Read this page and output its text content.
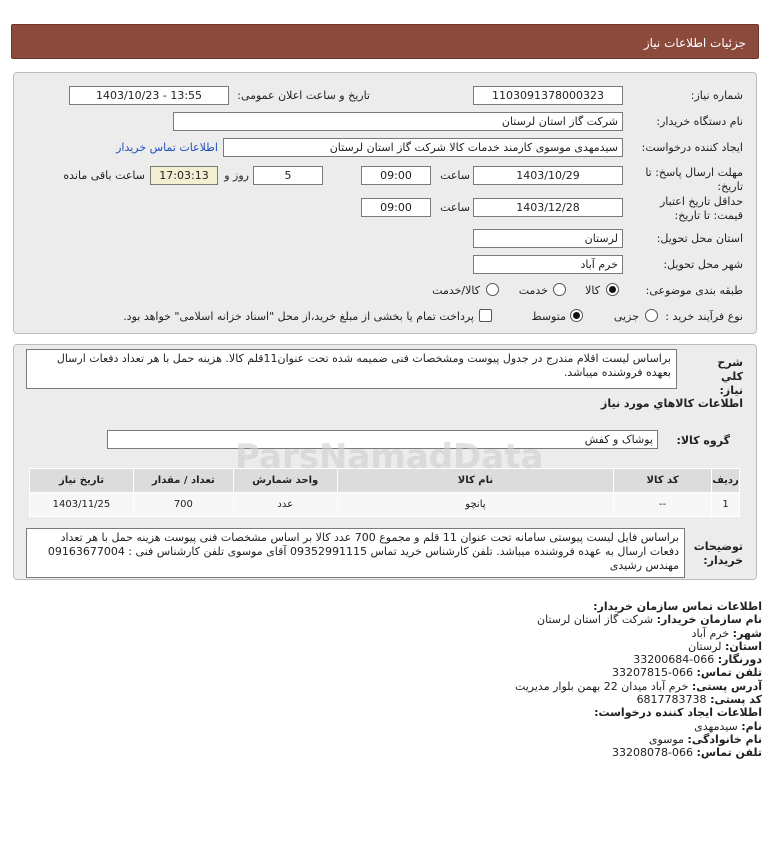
جزئیات اطلاعات نیاز
شماره نیاز:
1103091378000323
تاریخ و ساعت اعلان عمومی:
1403/10/23 - 13:55
نام دستگاه خریدار:
شرکت گاز استان لرستان
ایجاد کننده درخواست:
سیدمهدی موسوی کارمند خدمات کالا شرکت گاز استان لرستان
اطلاعات تماس خریدار
مهلت ارسال پاسخ: تا تاریخ:
1403/10/29
ساعت
09:00
5
روز و
17:03:13
ساعت باقی مانده
حداقل تاریخ اعتبار قیمت: تا تاریخ:
1403/12/28
ساعت
09:00
استان محل تحویل:
لرستان
شهر محل تحویل:
خرم آباد
طبقه بندی موضوعی:
کالا
خدمت
کالا/خدمت
نوع فرآیند خرید :
جزیی
متوسط
پرداخت تمام یا بخشی از مبلغ خرید،از محل "اسناد خزانه اسلامی" خواهد بود.
شرح کلي نياز:
براساس لیست اقلام مندرج در جدول پیوست ومشخصات فنی ضمیمه شده تحت عنوان11قلم کالا. هزینه حمل با هر تعداد دفعات ارسال بعهده فروشنده میباشد.
اطلاعات کالاهاي مورد نياز
گروه کالا:
پوشاک و کفش
ردیف	کد کالا	نام کالا	واحد شمارش	تعداد / مقدار	تاریخ نیاز
1	--	پانچو	عدد	700	1403/11/25
توضیحات خریدار:
براساس فایل لیست پیوستی سامانه تحت عنوان 11 قلم و مجموع 700 عدد کالا بر اساس مشخصات فنی پیوست هزینه حمل با هر تعداد دفعات ارسال به عهده فروشنده میباشد. تلفن کارشناس خرید تماس 09352991115 آقای موسوی تلفن کارشناس فنی : 09163677004 مهندس رشیدی
ParsNamadData
اطلاعات تماس سازمان خریدار:
نام سازمان خریدار: شرکت گاز استان لرستان
شهر: خرم آباد
استان: لرستان
دورنگار: 066-33200684
تلفن تماس: 066-33207815
آدرس پستی: خرم آباد میدان 22 بهمن بلوار مدیریت
کد پستی: 6817783738
اطلاعات ایجاد کننده درخواست:
نام: سیدمهدی
نام خانوادگی: موسوی
تلفن تماس: 066-33208078
